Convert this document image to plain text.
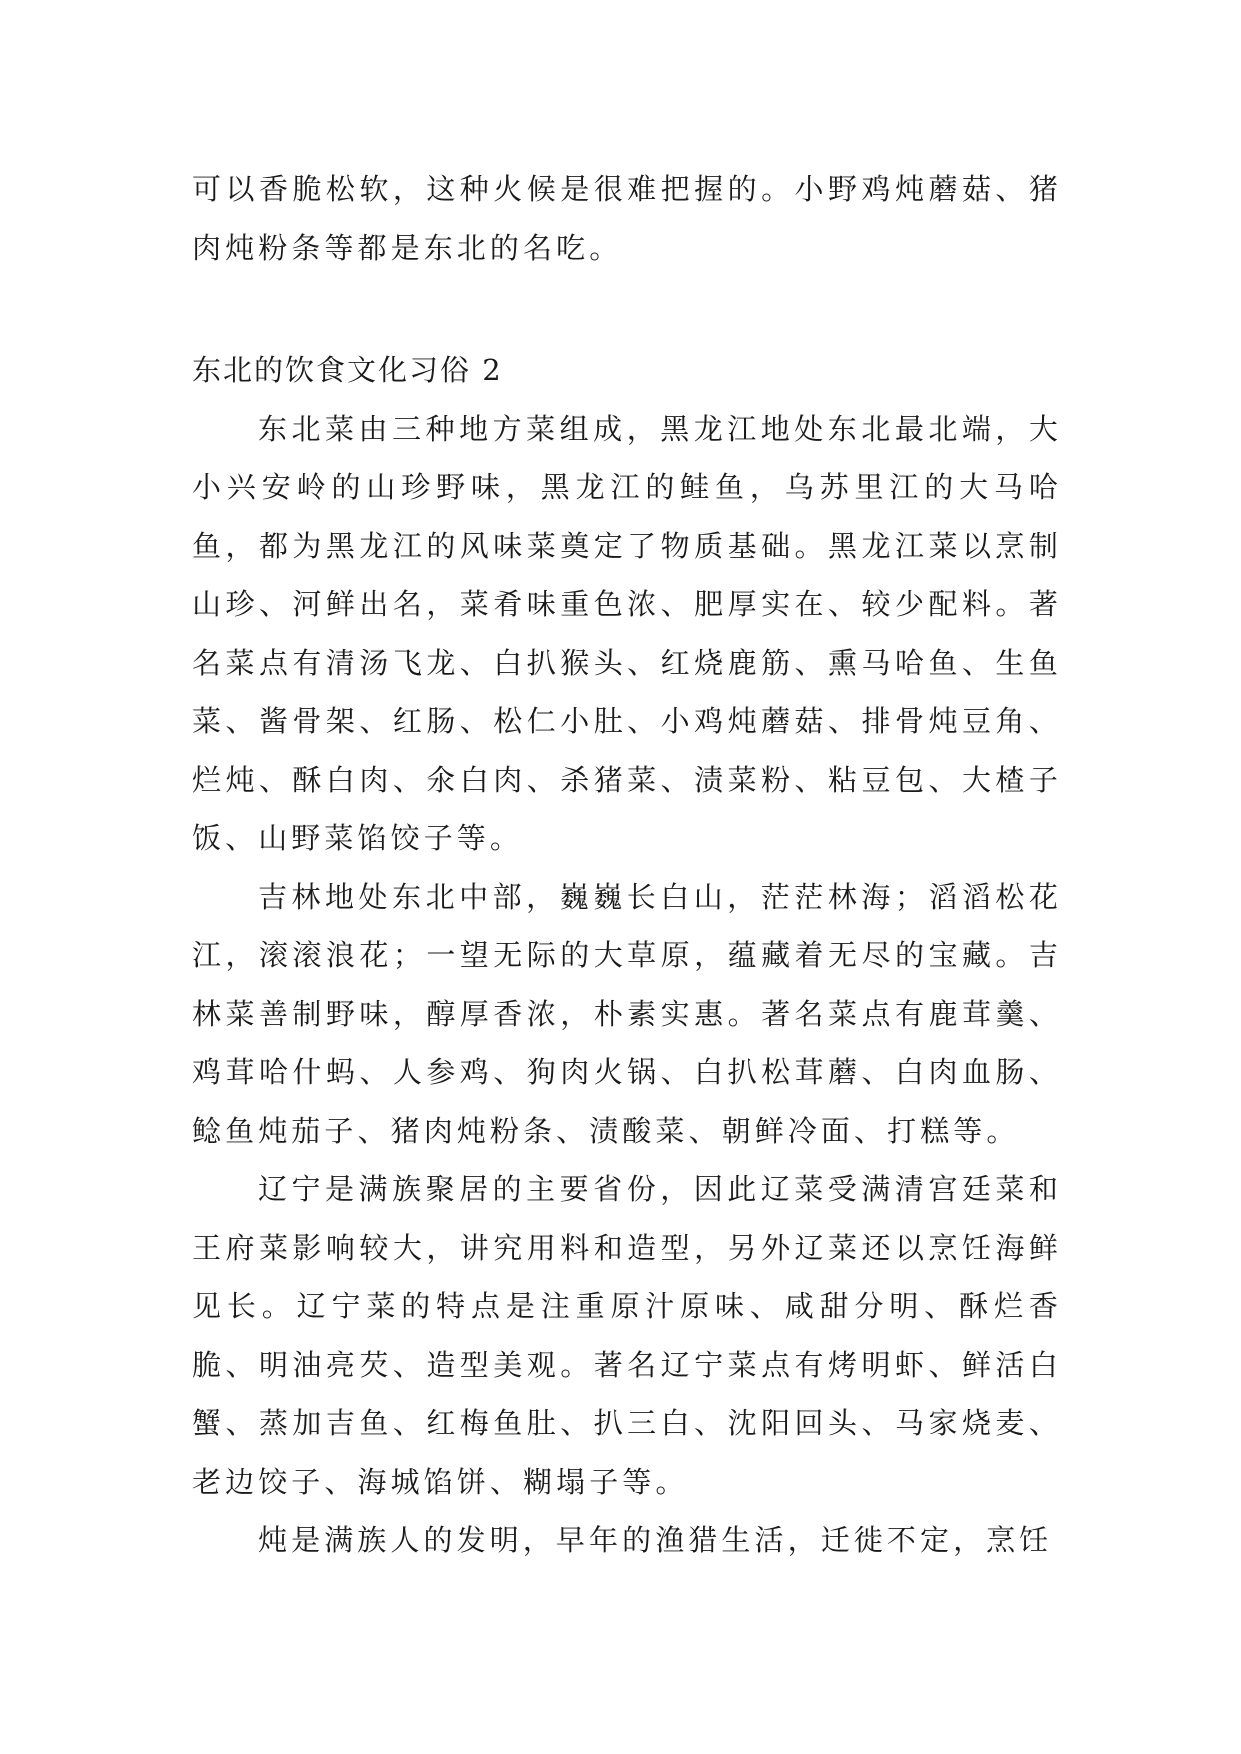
可以香脆松软，这种火候是很难把握的。小野鸡炖蘑菇、猪肉炖粉条等都是东北的名吃。

东北的饮食文化习俗 2

东北菜由三种地方菜组成，黑龙江地处东北最北端，大小兴安岭的山珍野味，黑龙江的鲑鱼，乌苏里江的大马哈鱼，都为黑龙江的风味菜奠定了物质基础。黑龙江菜以烹制山珍、河鲜出名，菜肴味重色浓、肥厚实在、较少配料。著名菜点有清汤飞龙、白扒猴头、红烧鹿筋、熏马哈鱼、生鱼菜、酱骨架、红肠、松仁小肚、小鸡炖蘑菇、排骨炖豆角、烂炖、酥白肉、氽白肉、杀猪菜、渍菜粉、粘豆包、大楂子饭、山野菜馅饺子等。

吉林地处东北中部，巍巍长白山，茫茫林海；滔滔松花江，滚滚浪花；一望无际的大草原，蕴藏着无尽的宝藏。吉林菜善制野味，醇厚香浓，朴素实惠。著名菜点有鹿茸羹、鸡茸哈什蚂、人参鸡、狗肉火锅、白扒松茸蘑、白肉血肠、鲶鱼炖茄子、猪肉炖粉条、渍酸菜、朝鲜冷面、打糕等。

辽宁是满族聚居的主要省份，因此辽菜受满清宫廷菜和王府菜影响较大，讲究用料和造型，另外辽菜还以烹饪海鲜见长。辽宁菜的特点是注重原汁原味、咸甜分明、酥烂香脆、明油亮芡、造型美观。著名辽宁菜点有烤明虾、鲜活白蟹、蒸加吉鱼、红梅鱼肚、扒三白、沈阳回头、马家烧麦、老边饺子、海城馅饼、糊塌子等。

炖是满族人的发明，早年的渔猎生活，迁徙不定，烹饪
